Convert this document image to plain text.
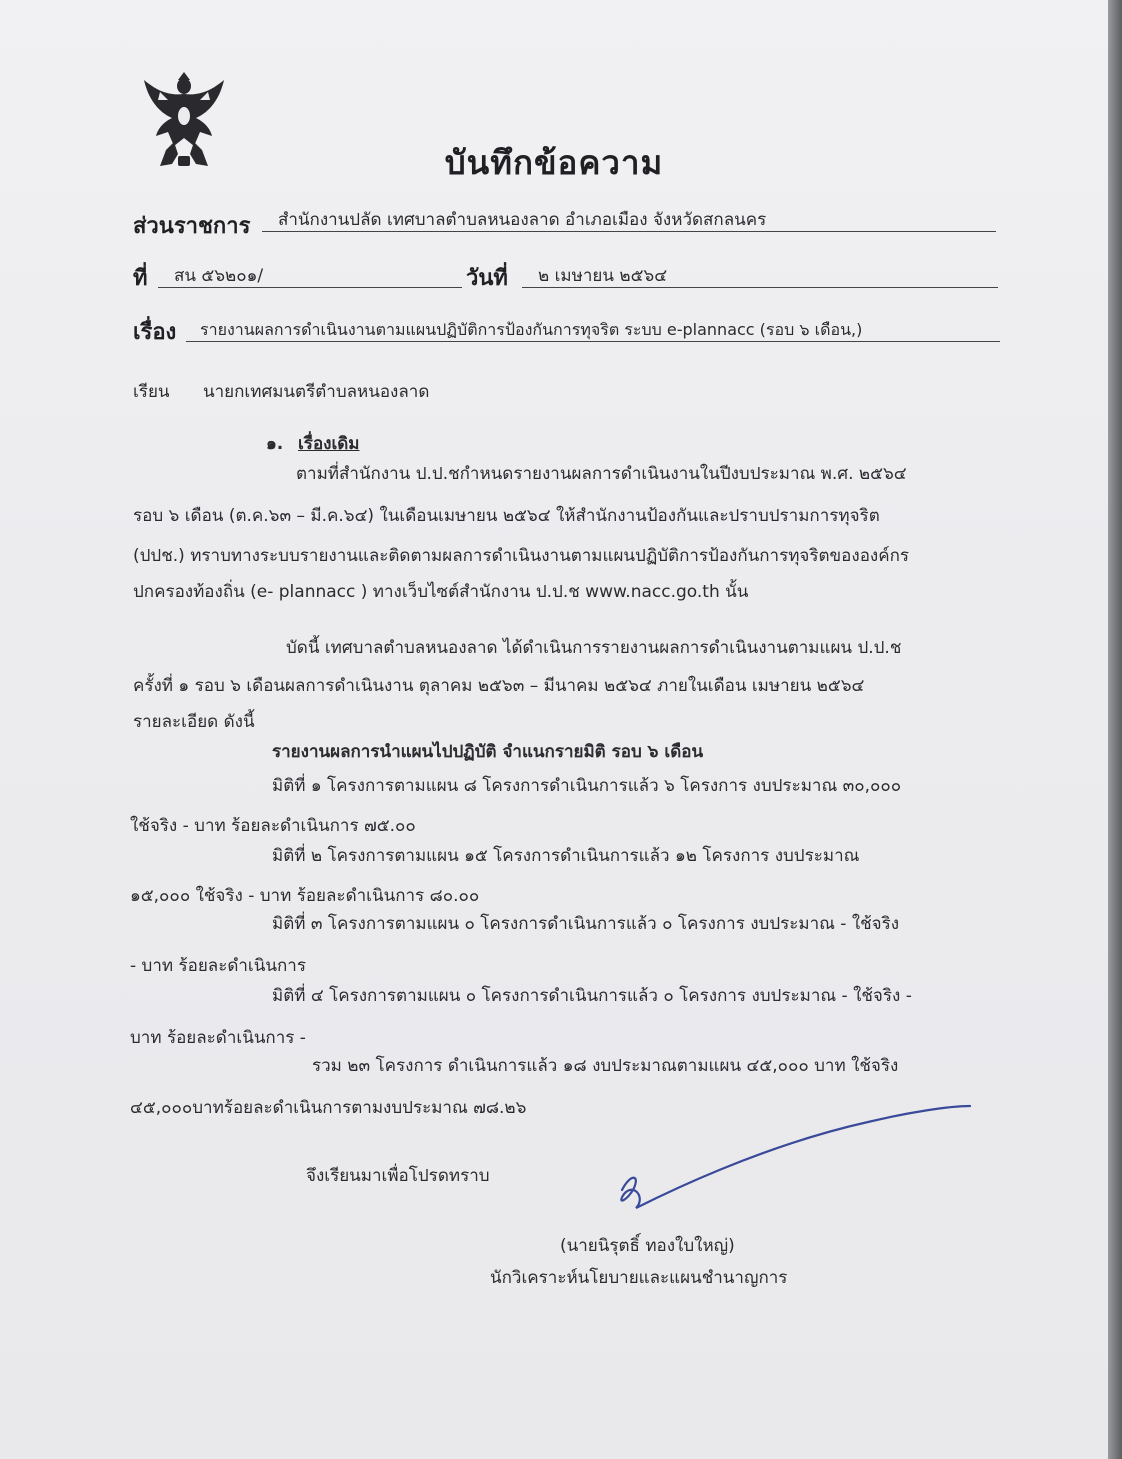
บันทึกข้อความ
ส่วนราชการ	สำนักงานปลัด เทศบาลตำบลหนองลาด อำเภอเมือง จังหวัดสกลนคร
ที่	สน ๕๖๒๐๑/	วันที่	๒ เมษายน ๒๕๖๔
เรื่อง	รายงานผลการดำเนินงานตามแผนปฏิบัติการป้องกันการทุจริต ระบบ e-plannacc (รอบ ๖ เดือน,)
เรียน นายกเทศมนตรีตำบลหนองลาด
๑. เรื่องเดิม
ตามที่สำนักงาน ป.ป.ชกำหนดรายงานผลการดำเนินงานในปีงบประมาณ พ.ศ. ๒๕๖๔
รอบ ๖ เดือน (ต.ค.๖๓ – มี.ค.๖๔) ในเดือนเมษายน ๒๕๖๔ ให้สำนักงานป้องกันและปราบปรามการทุจริต
(ปปช.) ทราบทางระบบรายงานและติดตามผลการดำเนินงานตามแผนปฏิบัติการป้องกันการทุจริตขององค์กร
ปกครองท้องถิ่น (e- plannacc ) ทางเว็บไซต์สำนักงาน ป.ป.ช www.nacc.go.th นั้น
บัดนี้ เทศบาลตำบลหนองลาด ได้ดำเนินการรายงานผลการดำเนินงานตามแผน ป.ป.ช
ครั้งที่ ๑ รอบ ๖ เดือนผลการดำเนินงาน ตุลาคม ๒๕๖๓ – มีนาคม ๒๕๖๔ ภายในเดือน เมษายน ๒๕๖๔
รายละเอียด ดังนี้
รายงานผลการนำแผนไปปฏิบัติ จำแนกรายมิติ รอบ ๖ เดือน
มิติที่ ๑ โครงการตามแผน ๘ โครงการดำเนินการแล้ว ๖ โครงการ งบประมาณ ๓๐,๐๐๐
ใช้จริง - บาท ร้อยละดำเนินการ ๗๕.๐๐
มิติที่ ๒ โครงการตามแผน ๑๕ โครงการดำเนินการแล้ว ๑๒ โครงการ งบประมาณ
๑๕,๐๐๐ ใช้จริง - บาท ร้อยละดำเนินการ ๘๐.๐๐
มิติที่ ๓ โครงการตามแผน ๐ โครงการดำเนินการแล้ว ๐ โครงการ งบประมาณ - ใช้จริง
- บาท ร้อยละดำเนินการ
มิติที่ ๔ โครงการตามแผน ๐ โครงการดำเนินการแล้ว ๐ โครงการ งบประมาณ - ใช้จริง -
บาท ร้อยละดำเนินการ -
รวม ๒๓ โครงการ ดำเนินการแล้ว ๑๘ งบประมาณตามแผน ๔๕,๐๐๐ บาท ใช้จริง
๔๕,๐๐๐บาทร้อยละดำเนินการตามงบประมาณ ๗๘.๒๖
จึงเรียนมาเพื่อโปรดทราบ
(นายนิรุตธิ์ ทองใบใหญ่)
นักวิเคราะห์นโยบายและแผนชำนาญการ
